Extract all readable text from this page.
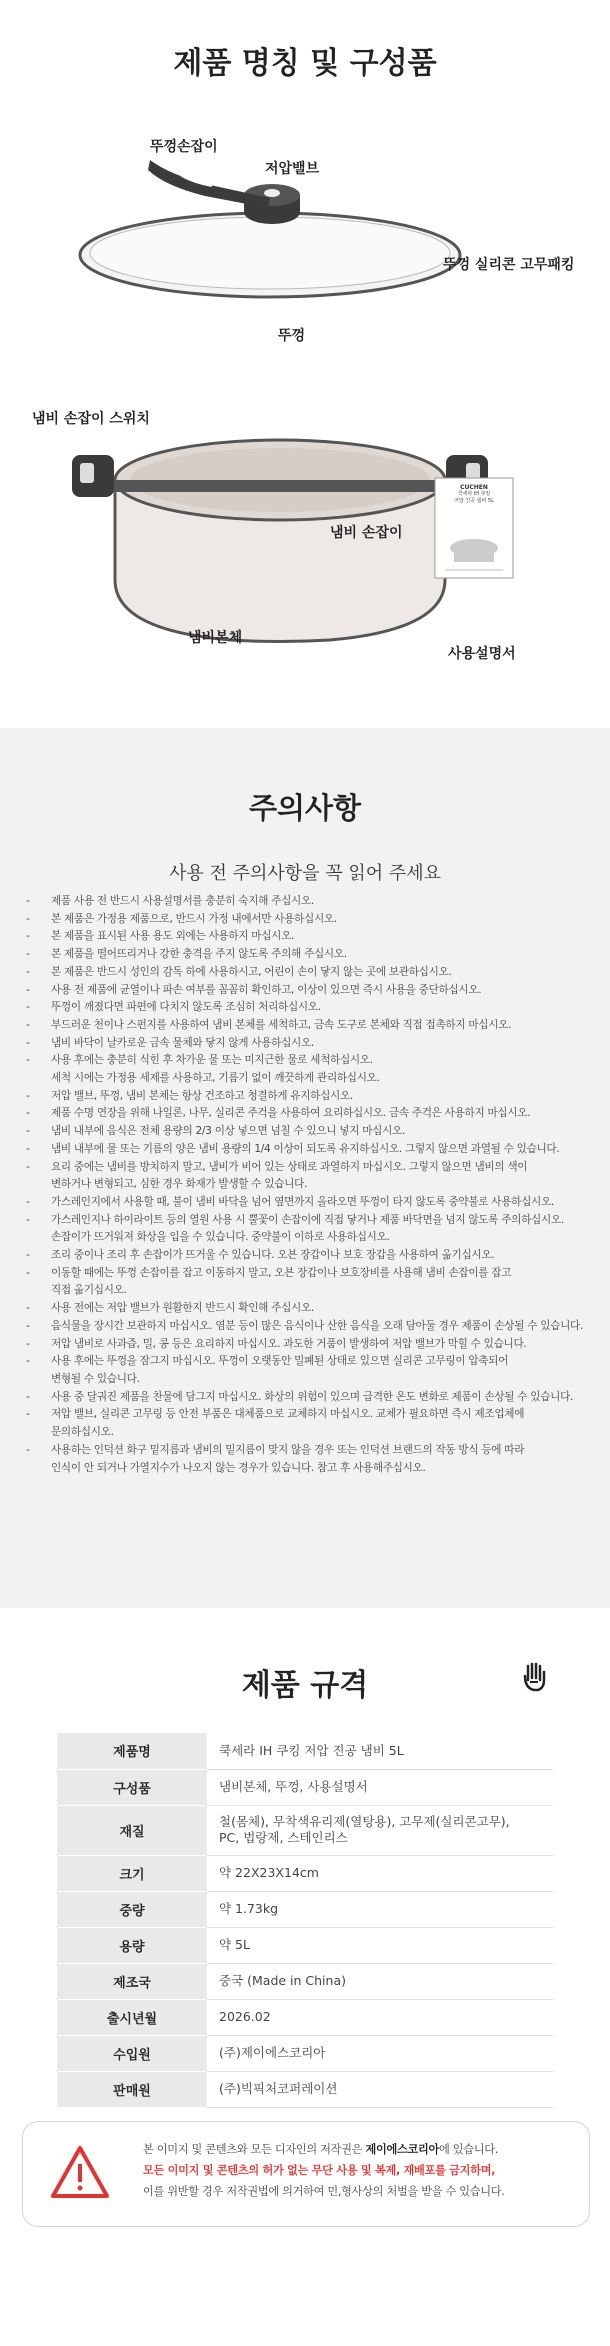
제품 명칭 및 구성품
CUCHEN
쿡세라 IH 쿠킹
저압 진공 냄비 5L
뚜껑손잡이
저압밸브
뚜껑 실리콘 고무패킹
뚜껑
냄비 손잡이 스위치
냄비 손잡이
냄비본체
사용설명서
주의사항

사용 전 주의사항을 꼭 읽어 주세요

- 제품 사용 전 반드시 사용설명서를 충분히 숙지해 주십시오.
- 본 제품은 가정용 제품으로, 반드시 가정 내에서만 사용하십시오.
- 본 제품을 표시된 사용 용도 외에는 사용하지 마십시오.
- 본 제품을 떨어뜨리거나 강한 충격을 주지 않도록 주의해 주십시오.
- 본 제품은 반드시 성인의 감독 하에 사용하시고, 어린이 손이 닿지 않는 곳에 보관하십시오.
- 사용 전 제품에 균열이나 파손 여부를 꼼꼼히 확인하고, 이상이 있으면 즉시 사용을 중단하십시오.
- 뚜껑이 깨졌다면 파편에 다치지 않도록 조심히 처리하십시오.
- 부드러운 천이나 스펀지를 사용하여 냄비 본체를 세척하고, 금속 도구로 본체와 직접 접촉하지 마십시오.
- 냄비 바닥이 날카로운 금속 물체와 닿지 않게 사용하십시오.
- 사용 후에는 충분히 식힌 후 차가운 물 또는 미지근한 물로 세척하십시오.
세척 시에는 가정용 세제를 사용하고, 기름기 없이 깨끗하게 관리하십시오.
- 저압 밸브, 뚜껑, 냄비 본체는 항상 건조하고 청결하게 유지하십시오.
- 제품 수명 연장을 위해 나일론, 나무, 실리콘 주걱을 사용하여 요리하십시오. 금속 주걱은 사용하지 마십시오.
- 냄비 내부에 음식은 전체 용량의 2/3 이상 넣으면 넘칠 수 있으니 넣지 마십시오.
- 냄비 내부에 물 또는 기름의 양은 냄비 용량의 1/4 이상이 되도록 유지하십시오. 그렇지 않으면 과열될 수 있습니다.
- 요리 중에는 냄비를 방치하지 말고, 냄비가 비어 있는 상태로 과열하지 마십시오. 그렇지 않으면 냄비의 색이
변하거나 변형되고, 심한 경우 화재가 발생할 수 있습니다.
- 가스레인지에서 사용할 때, 불이 냄비 바닥을 넘어 옆면까지 올라오면 뚜껑이 타지 않도록 중약불로 사용하십시오.
- 가스레인지나 하이라이트 등의 열원 사용 시 뿔꽃이 손잡이에 직접 닿거나 제품 바닥면을 넘지 않도록 주의하십시오.
손잡이가 뜨거워져 화상을 입을 수 있습니다. 중약불이 이하로 사용하십시오.
- 조리 중이나 조리 후 손잡이가 뜨거울 수 있습니다. 오븐 장갑이나 보호 장갑을 사용하여 옮기십시오.
- 이동할 때에는 뚜껑 손잡이를 잡고 이동하지 말고, 오븐 장갑이나 보호장비를 사용해 냄비 손잡이를 잡고
직접 옮기십시오.
- 사용 전에는 저압 밸브가 원활한지 반드시 확인해 주십시오.
- 음식물을 장시간 보관하지 마십시오. 염분 등이 많은 음식이나 산한 음식을 오래 담아둘 경우 제품이 손상될 수 있습니다.
- 저압 냄비로 사과즙, 밀, 콩 등은 요리하지 마십시오. 과도한 거품이 발생하여 저압 밸브가 막힐 수 있습니다.
- 사용 후에는 뚜껑을 잠그지 마십시오. 뚜껑이 오랫동안 밀폐된 상태로 있으면 실리콘 고무링이 압축되어
변형될 수 있습니다.
- 사용 중 달궈진 제품을 찬물에 담그지 마십시오. 화상의 위험이 있으며 급격한 온도 변화로 제품이 손상될 수 있습니다.
- 저압 밸브, 실리콘 고무링 등 안전 부품은 대체품으로 교체하지 마십시오. 교체가 필요하면 즉시 제조업체에
문의하십시오.
- 사용하는 인덕션 화구 밑지름과 냄비의 밑지름이 맞지 않을 경우 또는 인덕션 브랜드의 작동 방식 등에 따라
인식이 안 되거나 가열지수가 나오지 않는 경우가 있습니다. 참고 후 사용해주십시오.
제품 규격
제품명	쿡세라 IH 쿠킹 저압 진공 냄비 5L
구성품	냄비본체, 뚜껑, 사용설명서
재질	철(몸체), 무착색유리제(열탕용), 고무제(실리콘고무),
PC, 법랑제, 스테인리스
크기	약 22X23X14cm
중량	약 1.73kg
용량	약 5L
제조국	중국 (Made in China)
출시년월	2026.02
수입원	(주)제이에스코리아
판매원	(주)빅픽처코퍼레이션
본 이미지 및 콘텐츠와 모든 디자인의 저작권은 제이에스코리아에 있습니다.
모든 이미지 및 콘텐츠의 허가 없는 무단 사용 및 복제, 재배포를 금지하며,
이를 위반할 경우 저작권법에 의거하여 민,형사상의 처벌을 받을 수 있습니다.
